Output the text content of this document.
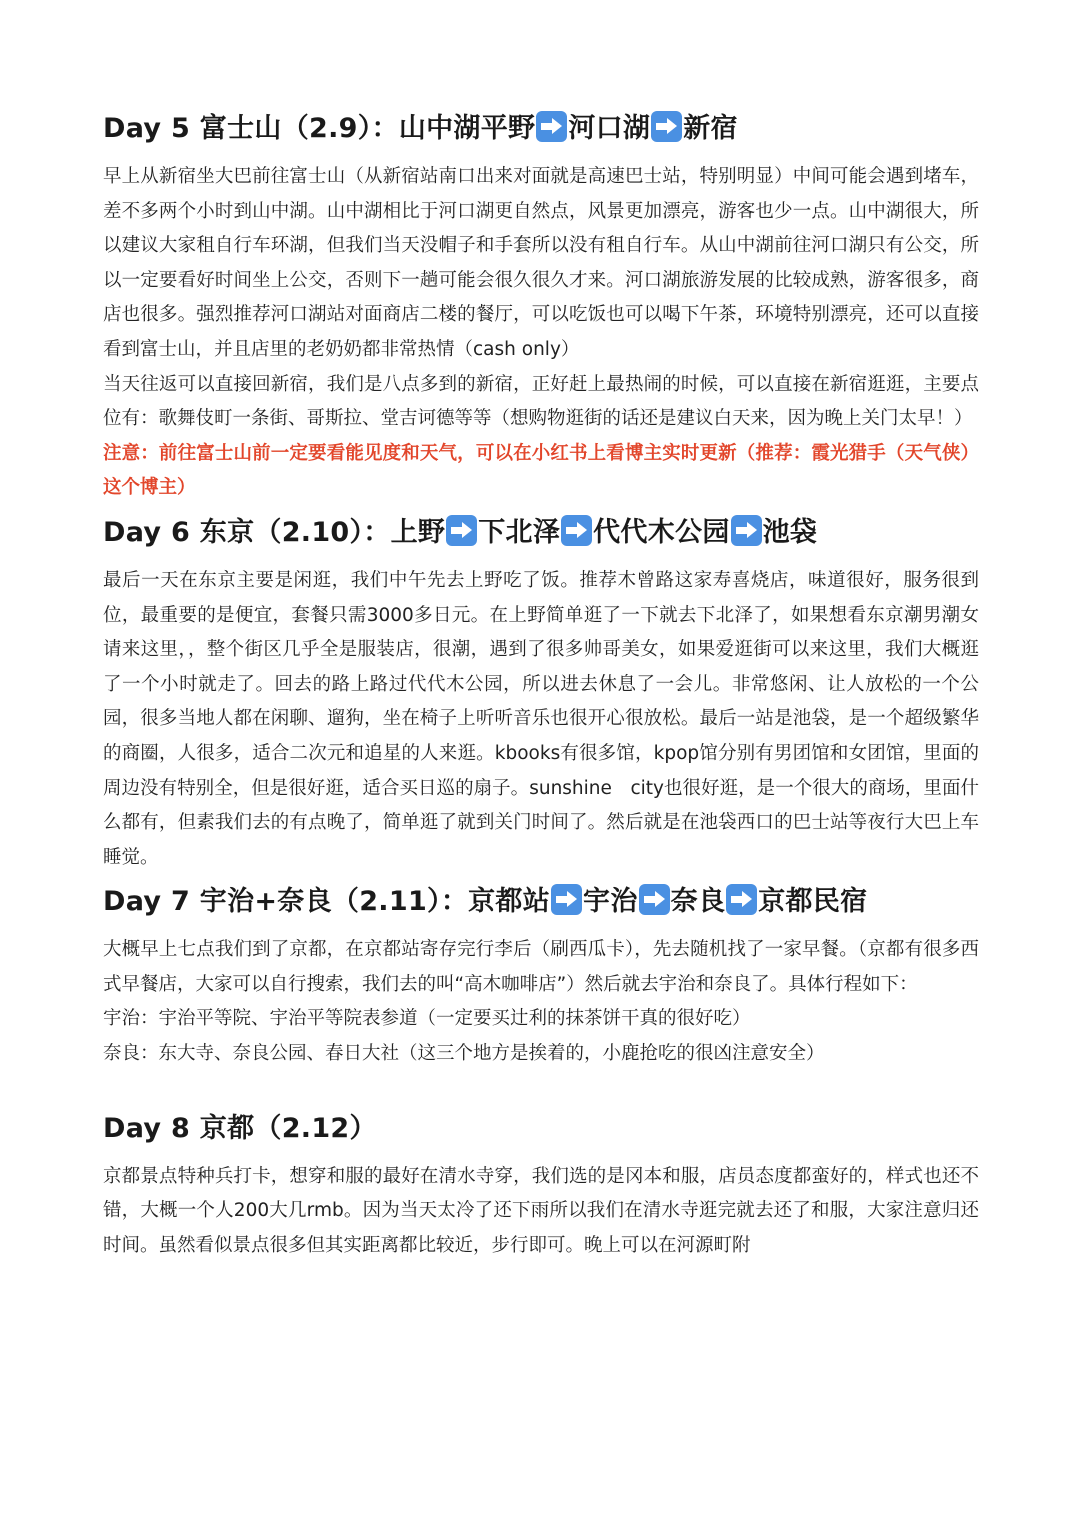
Day 5 富士山（2.9）：山中湖平野 河口湖 新宿

早上从新宿坐大巴前往富士山（从新宿站南口出来对面就是高速巴士站，特别明显）中间可能会遇到堵车，差不多两个小时到山中湖。山中湖相比于河口湖更自然点，风景更加漂亮，游客也少一点。山中湖很大，所以建议大家租自行车环湖，但我们当天没帽子和手套所以没有租自行车。从山中湖前往河口湖只有公交，所以一定要看好时间坐上公交，否则下一趟可能会很久很久才来。河口湖旅游发展的比较成熟，游客很多，商店也很多。强烈推荐河口湖站对面商店二楼的餐厅，可以吃饭也可以喝下午茶，环境特别漂亮，还可以直接看到富士山，并且店里的老奶奶都非常热情（cash only）

当天往返可以直接回新宿，我们是八点多到的新宿，正好赶上最热闹的时候，可以直接在新宿逛逛，主要点位有：歌舞伎町一条街、哥斯拉、堂吉诃德等等（想购物逛街的话还是建议白天来，因为晚上关门太早！）

注意：前往富士山前一定要看能见度和天气，可以在小红书上看博主实时更新（推荐：霞光猎手（天气侠）这个博主）

Day 6 东京（2.10）：上野 下北泽 代代木公园 池袋

最后一天在东京主要是闲逛，我们中午先去上野吃了饭。推荐木曾路这家寿喜烧店，味道很好，服务很到位，最重要的是便宜，套餐只需3000多日元。在上野简单逛了一下就去下北泽了，如果想看东京潮男潮女请来这里，，整个街区几乎全是服装店，很潮，遇到了很多帅哥美女，如果爱逛街可以来这里，我们大概逛了一个小时就走了。回去的路上路过代代木公园，所以进去休息了一会儿。非常悠闲、让人放松的一个公园，很多当地人都在闲聊、遛狗，坐在椅子上听听音乐也很开心很放松。最后一站是池袋，是一个超级繁华的商圈，人很多，适合二次元和追星的人来逛。kbooks有很多馆，kpop馆分别有男团馆和女团馆，里面的周边没有特别全，但是很好逛，适合买日巡的扇子。sunshine　city也很好逛，是一个很大的商场，里面什么都有，但素我们去的有点晚了，简单逛了就到关门时间了。然后就是在池袋西口的巴士站等夜行大巴上车睡觉。

Day 7 宇治+奈良（2.11）：京都站 宇治 奈良 京都民宿

大概早上七点我们到了京都，在京都站寄存完行李后（刷西瓜卡），先去随机找了一家早餐。（京都有很多西式早餐店，大家可以自行搜索，我们去的叫“高木咖啡店”）然后就去宇治和奈良了。具体行程如下：

宇治：宇治平等院、宇治平等院表参道（一定要买辻利的抹茶饼干真的很好吃）

奈良：东大寺、奈良公园、春日大社（这三个地方是挨着的，小鹿抢吃的很凶注意安全）

Day 8 京都（2.12）

京都景点特种兵打卡，想穿和服的最好在清水寺穿，我们选的是冈本和服，店员态度都蛮好的，样式也还不错，大概一个人200大几rmb。因为当天太冷了还下雨所以我们在清水寺逛完就去还了和服，大家注意归还时间。虽然看似景点很多但其实距离都比较近，步行即可。晚上可以在河源町附
